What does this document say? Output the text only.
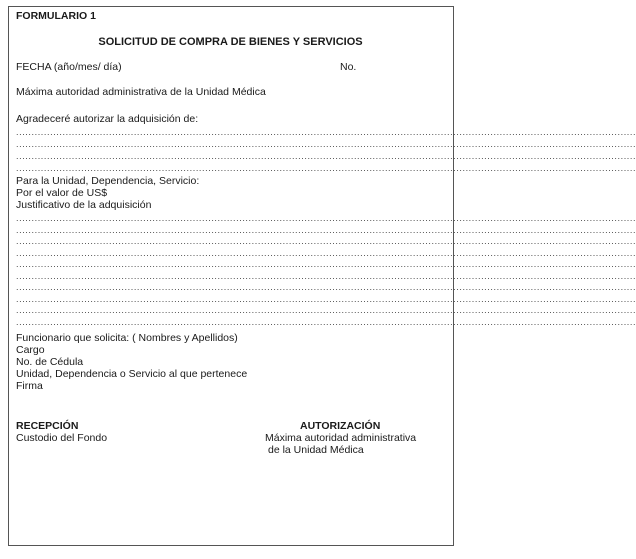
FORMULARIO 1
SOLICITUD DE COMPRA DE BIENES Y SERVICIOS
FECHA (año/mes/ día)	No.
Máxima autoridad administrativa de la Unidad Médica
Agradeceré autorizar la adquisición de:
........................................................................................................................................................................................................
........................................................................................................................................................................................................
........................................................................................................................................................................................................
........................................................................................................................................................................................................
Para la Unidad, Dependencia, Servicio:
Por el valor de US$
Justificativo de la adquisición
........................................................................................................................................................................................................
........................................................................................................................................................................................................
........................................................................................................................................................................................................
........................................................................................................................................................................................................
........................................................................................................................................................................................................
........................................................................................................................................................................................................
........................................................................................................................................................................................................
........................................................................................................................................................................................................
........................................................................................................................................................................................................
........................................................................................................................................................................................................
Funcionario que solicita: ( Nombres y Apellidos)
Cargo
No. de Cédula
Unidad, Dependencia o Servicio al que pertenece
Firma
RECEPCIÓN
Custodio del Fondo
AUTORIZACIÓN
Máxima autoridad administrativa
de la Unidad Médica
